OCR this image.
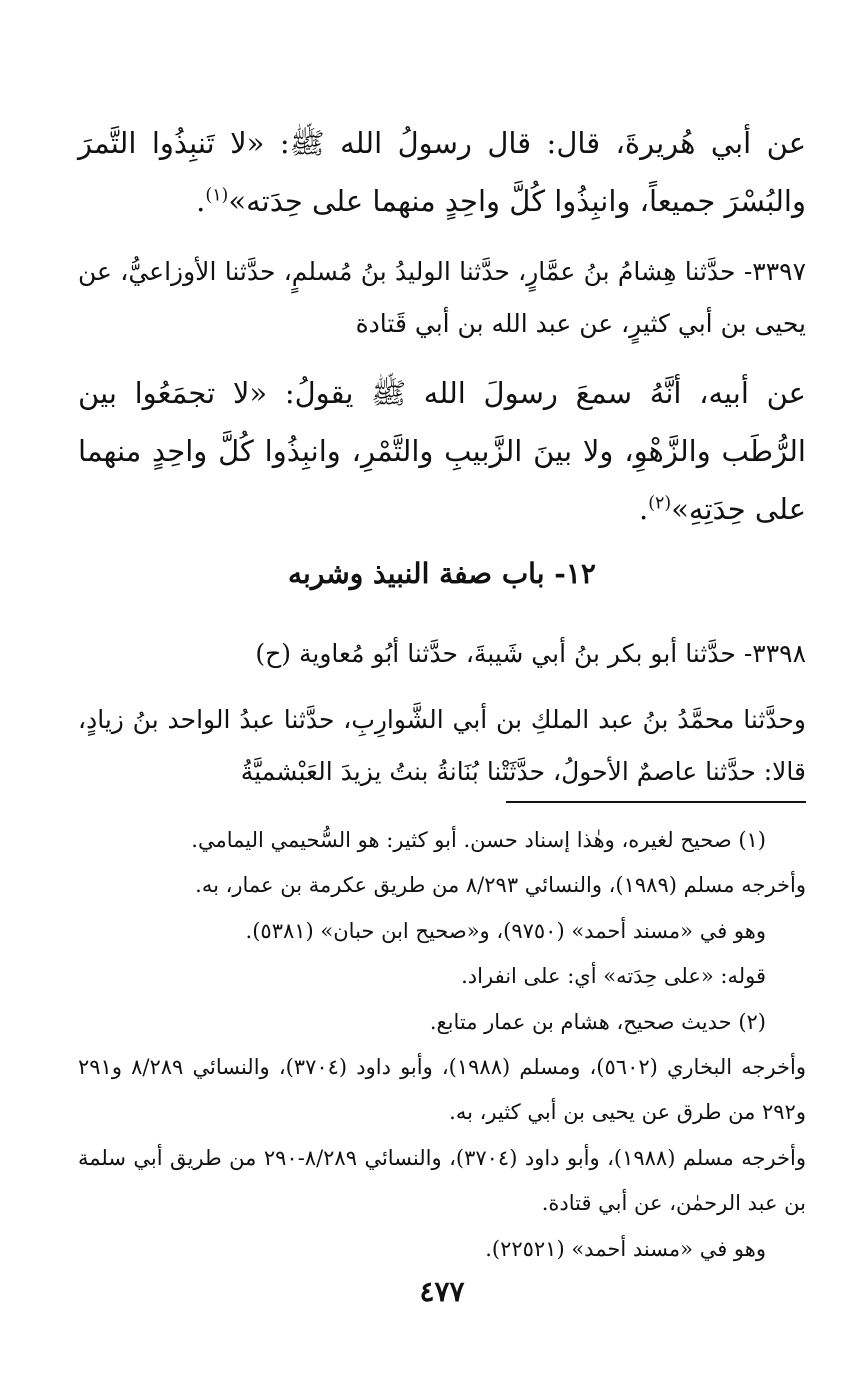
عن أبي هُريرةَ، قال: قال رسولُ الله ﷺ: «لا تَنبِذُوا التَّمرَ والبُسْرَ جميعاً، وانبِذُوا كُلَّ واحِدٍ منهما على حِدَته»$^{(١)}$.

٣٣٩٧- حدَّثنا هِشامُ بنُ عمَّارٍ، حدَّثنا الوليدُ بنُ مُسلمٍ، حدَّثنا الأوزاعيُّ، عن يحيى بن أبي كثيرٍ، عن عبد الله بن أبي قَتادة

عن أبيه، أنَّهُ سمعَ رسولَ الله ﷺ يقولُ: «لا تجمَعُوا بين الرُّطَب والزَّهْوِ، ولا بينَ الزَّبيبِ والتَّمْرِ، وانبِذُوا كُلَّ واحِدٍ منهما على حِدَتِهِ»$^{(٢)}$.

١٢- باب صفة النبيذ وشربه

٣٣٩٨- حدَّثنا أبو بكر بنُ أبي شَيبةَ، حدَّثنا أبُو مُعاوية (ح)

وحدَّثنا محمَّدُ بنُ عبد الملكِ بن أبي الشَّوارِبِ، حدَّثنا عبدُ الواحد بنُ زيادٍ، قالا: حدَّثنا عاصمٌ الأحولُ، حدَّثَتْنا بُنَانةُ بنتُ يزيدَ العَبْشميَّةُ

(١) صحيح لغيره، وهٰذا إسناد حسن. أبو كثير: هو السُّحيمي اليمامي.
وأخرجه مسلم (١٩٨٩)، والنسائي ٨/٢٩٣ من طريق عكرمة بن عمار، به.
وهو في «مسند أحمد» (٩٧٥٠)، و«صحيح ابن حبان» (٥٣٨١).
قوله: «على حِدَته» أي: على انفراد.
(٢) حديث صحيح، هشام بن عمار متابع.
وأخرجه البخاري (٥٦٠٢)، ومسلم (١٩٨٨)، وأبو داود (٣٧٠٤)، والنسائي ٨/٢٨٩ و٢٩١ و٢٩٢ من طرق عن يحيى بن أبي كثير، به.
وأخرجه مسلم (١٩٨٨)، وأبو داود (٣٧٠٤)، والنسائي ٨/٢٨٩-٢٩٠ من طريق أبي سلمة بن عبد الرحمٰن، عن أبي قتادة.
وهو في «مسند أحمد» (٢٢٥٢١).
٤٧٧
